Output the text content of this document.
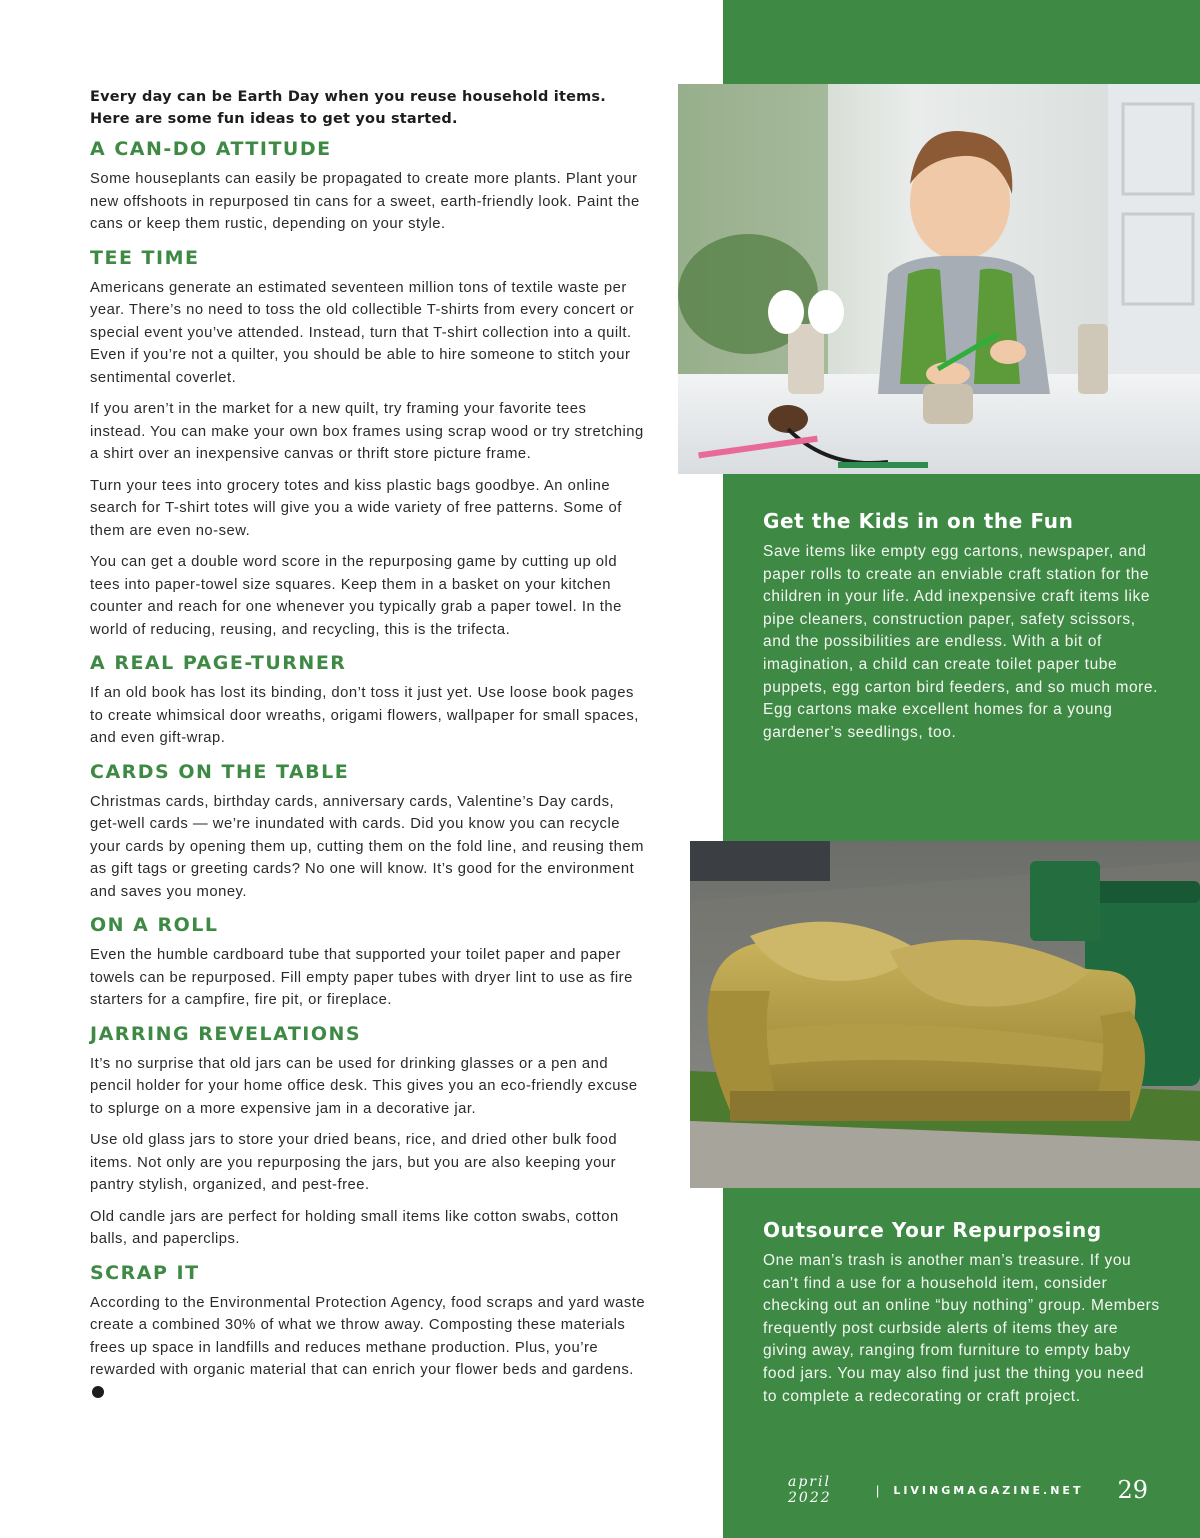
Every day can be Earth Day when you reuse household items.
Here are some fun ideas to get you started.
A CAN-DO ATTITUDE

Some houseplants can easily be propagated to create more plants. Plant your new offshoots in repurposed tin cans for a sweet, earth-friendly look. Paint the cans or keep them rustic, depending on your style.

TEE TIME

Americans generate an estimated seventeen million tons of textile waste per year. There’s no need to toss the old collectible T-shirts from every concert or special event you’ve attended. Instead, turn that T-shirt collection into a quilt. Even if you’re not a quilter, you should be able to hire someone to stitch your sentimental coverlet.

If you aren’t in the market for a new quilt, try framing your favorite tees instead. You can make your own box frames using scrap wood or try stretching a shirt over an inexpensive canvas or thrift store picture frame.

Turn your tees into grocery totes and kiss plastic bags goodbye. An online search for T-shirt totes will give you a wide variety of free patterns. Some of them are even no-sew.

You can get a double word score in the repurposing game by cutting up old tees into paper-towel size squares. Keep them in a basket on your kitchen counter and reach for one whenever you typically grab a paper towel. In the world of reducing, reusing, and recycling, this is the trifecta.

A REAL PAGE-TURNER

If an old book has lost its binding, don’t toss it just yet. Use loose book pages to create whimsical door wreaths, origami flowers, wallpaper for small spaces, and even gift-wrap.

CARDS ON THE TABLE

Christmas cards, birthday cards, anniversary cards, Valentine’s Day cards, get-well cards — we’re inundated with cards. Did you know you can recycle your cards by opening them up, cutting them on the fold line, and reusing them as gift tags or greeting cards? No one will know. It’s good for the environment and saves you money.

ON A ROLL

Even the humble cardboard tube that supported your toilet paper and paper towels can be repurposed. Fill empty paper tubes with dryer lint to use as fire starters for a campfire, fire pit, or fireplace.

JARRING REVELATIONS

It’s no surprise that old jars can be used for drinking glasses or a pen and pencil holder for your home office desk. This gives you an eco-friendly excuse to splurge on a more expensive jam in a decorative jar.

Use old glass jars to store your dried beans, rice, and dried other bulk food items. Not only are you repurposing the jars, but you are also keeping your pantry stylish, organized, and pest-free.

Old candle jars are perfect for holding small items like cotton swabs, cotton balls, and paperclips.

SCRAP IT

According to the Environmental Protection Agency, food scraps and yard waste create a combined 30% of what we throw away. Composting these materials frees up space in landfills and reduces methane production. Plus, you’re rewarded with organic material that can enrich your flower beds and gardens.

Get the Kids in on the Fun

Save items like empty egg cartons, newspaper, and paper rolls to create an enviable craft station for the children in your life. Add inexpensive craft items like pipe cleaners, construction paper, safety scissors, and the possibilities are endless. With a bit of imagination, a child can create toilet paper tube puppets, egg carton bird feeders, and so much more. Egg cartons make excellent homes for a young gardener’s seedlings, too.

Outsource Your Repurposing

One man’s trash is another man’s treasure. If you can’t find a use for a household item, consider checking out an online “buy nothing” group. Members frequently post curbside alerts of items they are giving away, ranging from furniture to empty baby food jars. You may also find just the thing you need to complete a redecorating or craft project.

april 2022	| LIVINGMAGAZINE.NET 29
